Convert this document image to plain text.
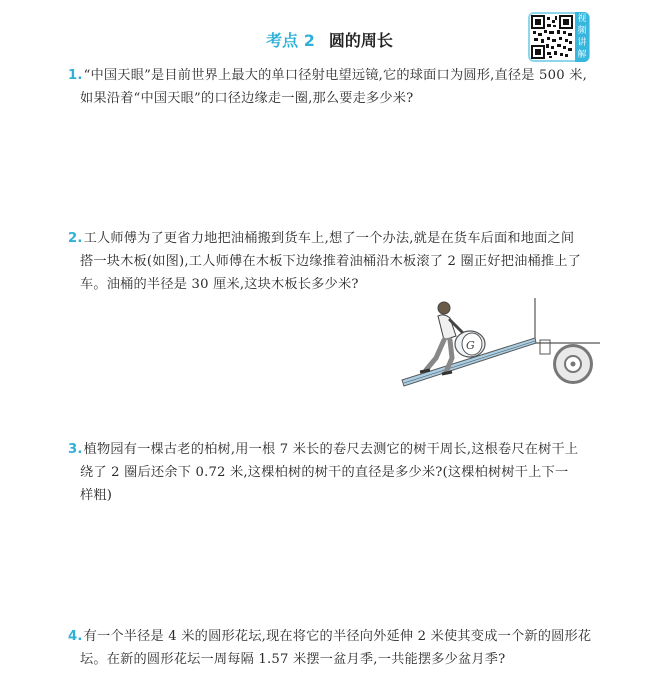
考点 2 圆的周长
视频讲解
1.“中国天眼”是目前世界上最大的单口径射电望远镜,它的球面口为圆形,直径是 500 米,
如果沿着“中国天眼”的口径边缘走一圈,那么要走多少米?
2.工人师傅为了更省力地把油桶搬到货车上,想了一个办法,就是在货车后面和地面之间
搭一块木板(如图),工人师傅在木板下边缘推着油桶沿木板滚了 2 圈正好把油桶推上了
车。油桶的半径是 30 厘米,这块木板长多少米?
G
3.植物园有一棵古老的柏树,用一根 7 米长的卷尺去测它的树干周长,这根卷尺在树干上
绕了 2 圈后还余下 0.72 米,这棵柏树的树干的直径是多少米?(这棵柏树树干上下一
样粗)
4.有一个半径是 4 米的圆形花坛,现在将它的半径向外延伸 2 米使其变成一个新的圆形花
坛。在新的圆形花坛一周每隔 1.57 米摆一盆月季,一共能摆多少盆月季?
